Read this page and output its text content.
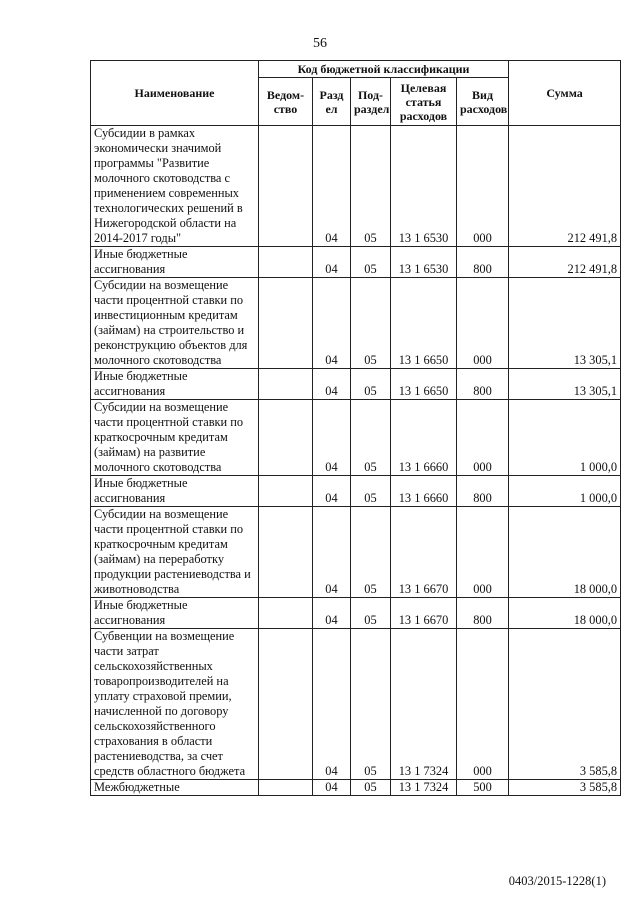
56
Наименование	Код бюджетной классификации					Сумма
	Ведом-ство	Разд ел	Под-раздел	Целевая статья расходов	Вид расходов	
Субсидии в рамках экономически значимой программы "Развитие молочного скотоводства с применением современных технологических решений в Нижегородской области на 2014-2017 годы"		04	05	13 1 6530	000	212 491,8
Иные бюджетные ассигнования		04	05	13 1 6530	800	212 491,8
Субсидии на возмещение части процентной ставки по инвестиционным кредитам (займам) на строительство и реконструкцию объектов для молочного скотоводства		04	05	13 1 6650	000	13 305,1
Иные бюджетные ассигнования		04	05	13 1 6650	800	13 305,1
Субсидии на возмещение части процентной ставки по краткосрочным кредитам (займам) на развитие молочного скотоводства		04	05	13 1 6660	000	1 000,0
Иные бюджетные ассигнования		04	05	13 1 6660	800	1 000,0
Субсидии на возмещение части процентной ставки по краткосрочным кредитам (займам) на переработку продукции растениеводства и животноводства		04	05	13 1 6670	000	18 000,0
Иные бюджетные ассигнования		04	05	13 1 6670	800	18 000,0
Субвенции на возмещение части затрат сельскохозяйственных товаропроизводителей на уплату страховой премии, начисленной по договору сельскохозяйственного страхования в области растениеводства, за счет средств областного бюджета		04	05	13 1 7324	000	3 585,8
Межбюджетные		04	05	13 1 7324	500	3 585,8
0403/2015-1228(1)
